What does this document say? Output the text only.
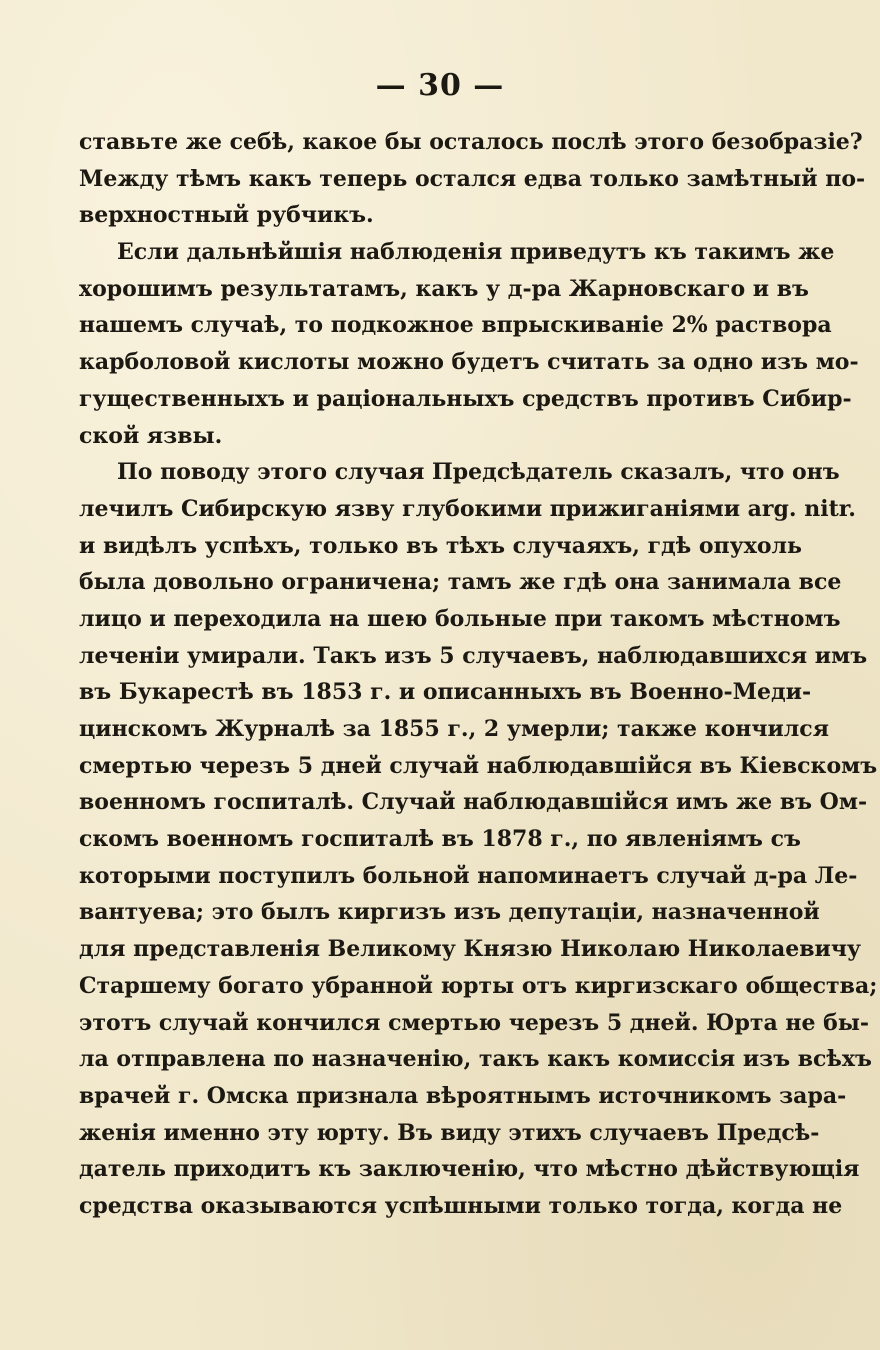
— 30 —
ставьте же себѣ, какое бы осталось послѣ этого безобразіе?
Между тѣмъ какъ теперь остался едва только замѣтный по-
верхностный рубчикъ.
Если дальнѣйшія наблюденія приведутъ къ такимъ же
хорошимъ результатамъ, какъ у д-ра Жарновскаго и въ
нашемъ случаѣ, то подкожное впрыскиваніе 2% раствора
карболовой кислоты можно будетъ считать за одно изъ мо-
гущественныхъ и раціональныхъ средствъ противъ Сибир-
ской язвы.
По поводу этого случая Предсѣдатель сказалъ, что онъ
лечилъ Сибирскую язву глубокими прижиганіями arg. nitr.
и видѣлъ успѣхъ, только въ тѣхъ случаяхъ, гдѣ опухоль
была довольно ограничена; тамъ же гдѣ она занимала все
лицо и переходила на шею больные при такомъ мѣстномъ
леченіи умирали. Такъ изъ 5 случаевъ, наблюдавшихся имъ
въ Букарестѣ въ 1853 г. и описанныхъ въ Военно-Меди-
цинскомъ Журналѣ за 1855 г., 2 умерли; также кончился
смертью черезъ 5 дней случай наблюдавшійся въ Кіевскомъ
военномъ госпиталѣ. Случай наблюдавшійся имъ же въ Ом-
скомъ военномъ госпиталѣ въ 1878 г., по явленіямъ съ
которыми поступилъ больной напоминаетъ случай д-ра Ле-
вантуева; это былъ киргизъ изъ депутаціи, назначенной
для представленія Великому Князю Николаю Николаевичу
Старшему богато убранной юрты отъ киргизскаго общества;
этотъ случай кончился смертью черезъ 5 дней. Юрта не бы-
ла отправлена по назначенію, такъ какъ комиссія изъ всѣхъ
врачей г. Омска признала вѣроятнымъ источникомъ зара-
женія именно эту юрту. Въ виду этихъ случаевъ Предсѣ-
датель приходитъ къ заключенію, что мѣстно дѣйствующія
средства оказываются успѣшными только тогда, когда не
